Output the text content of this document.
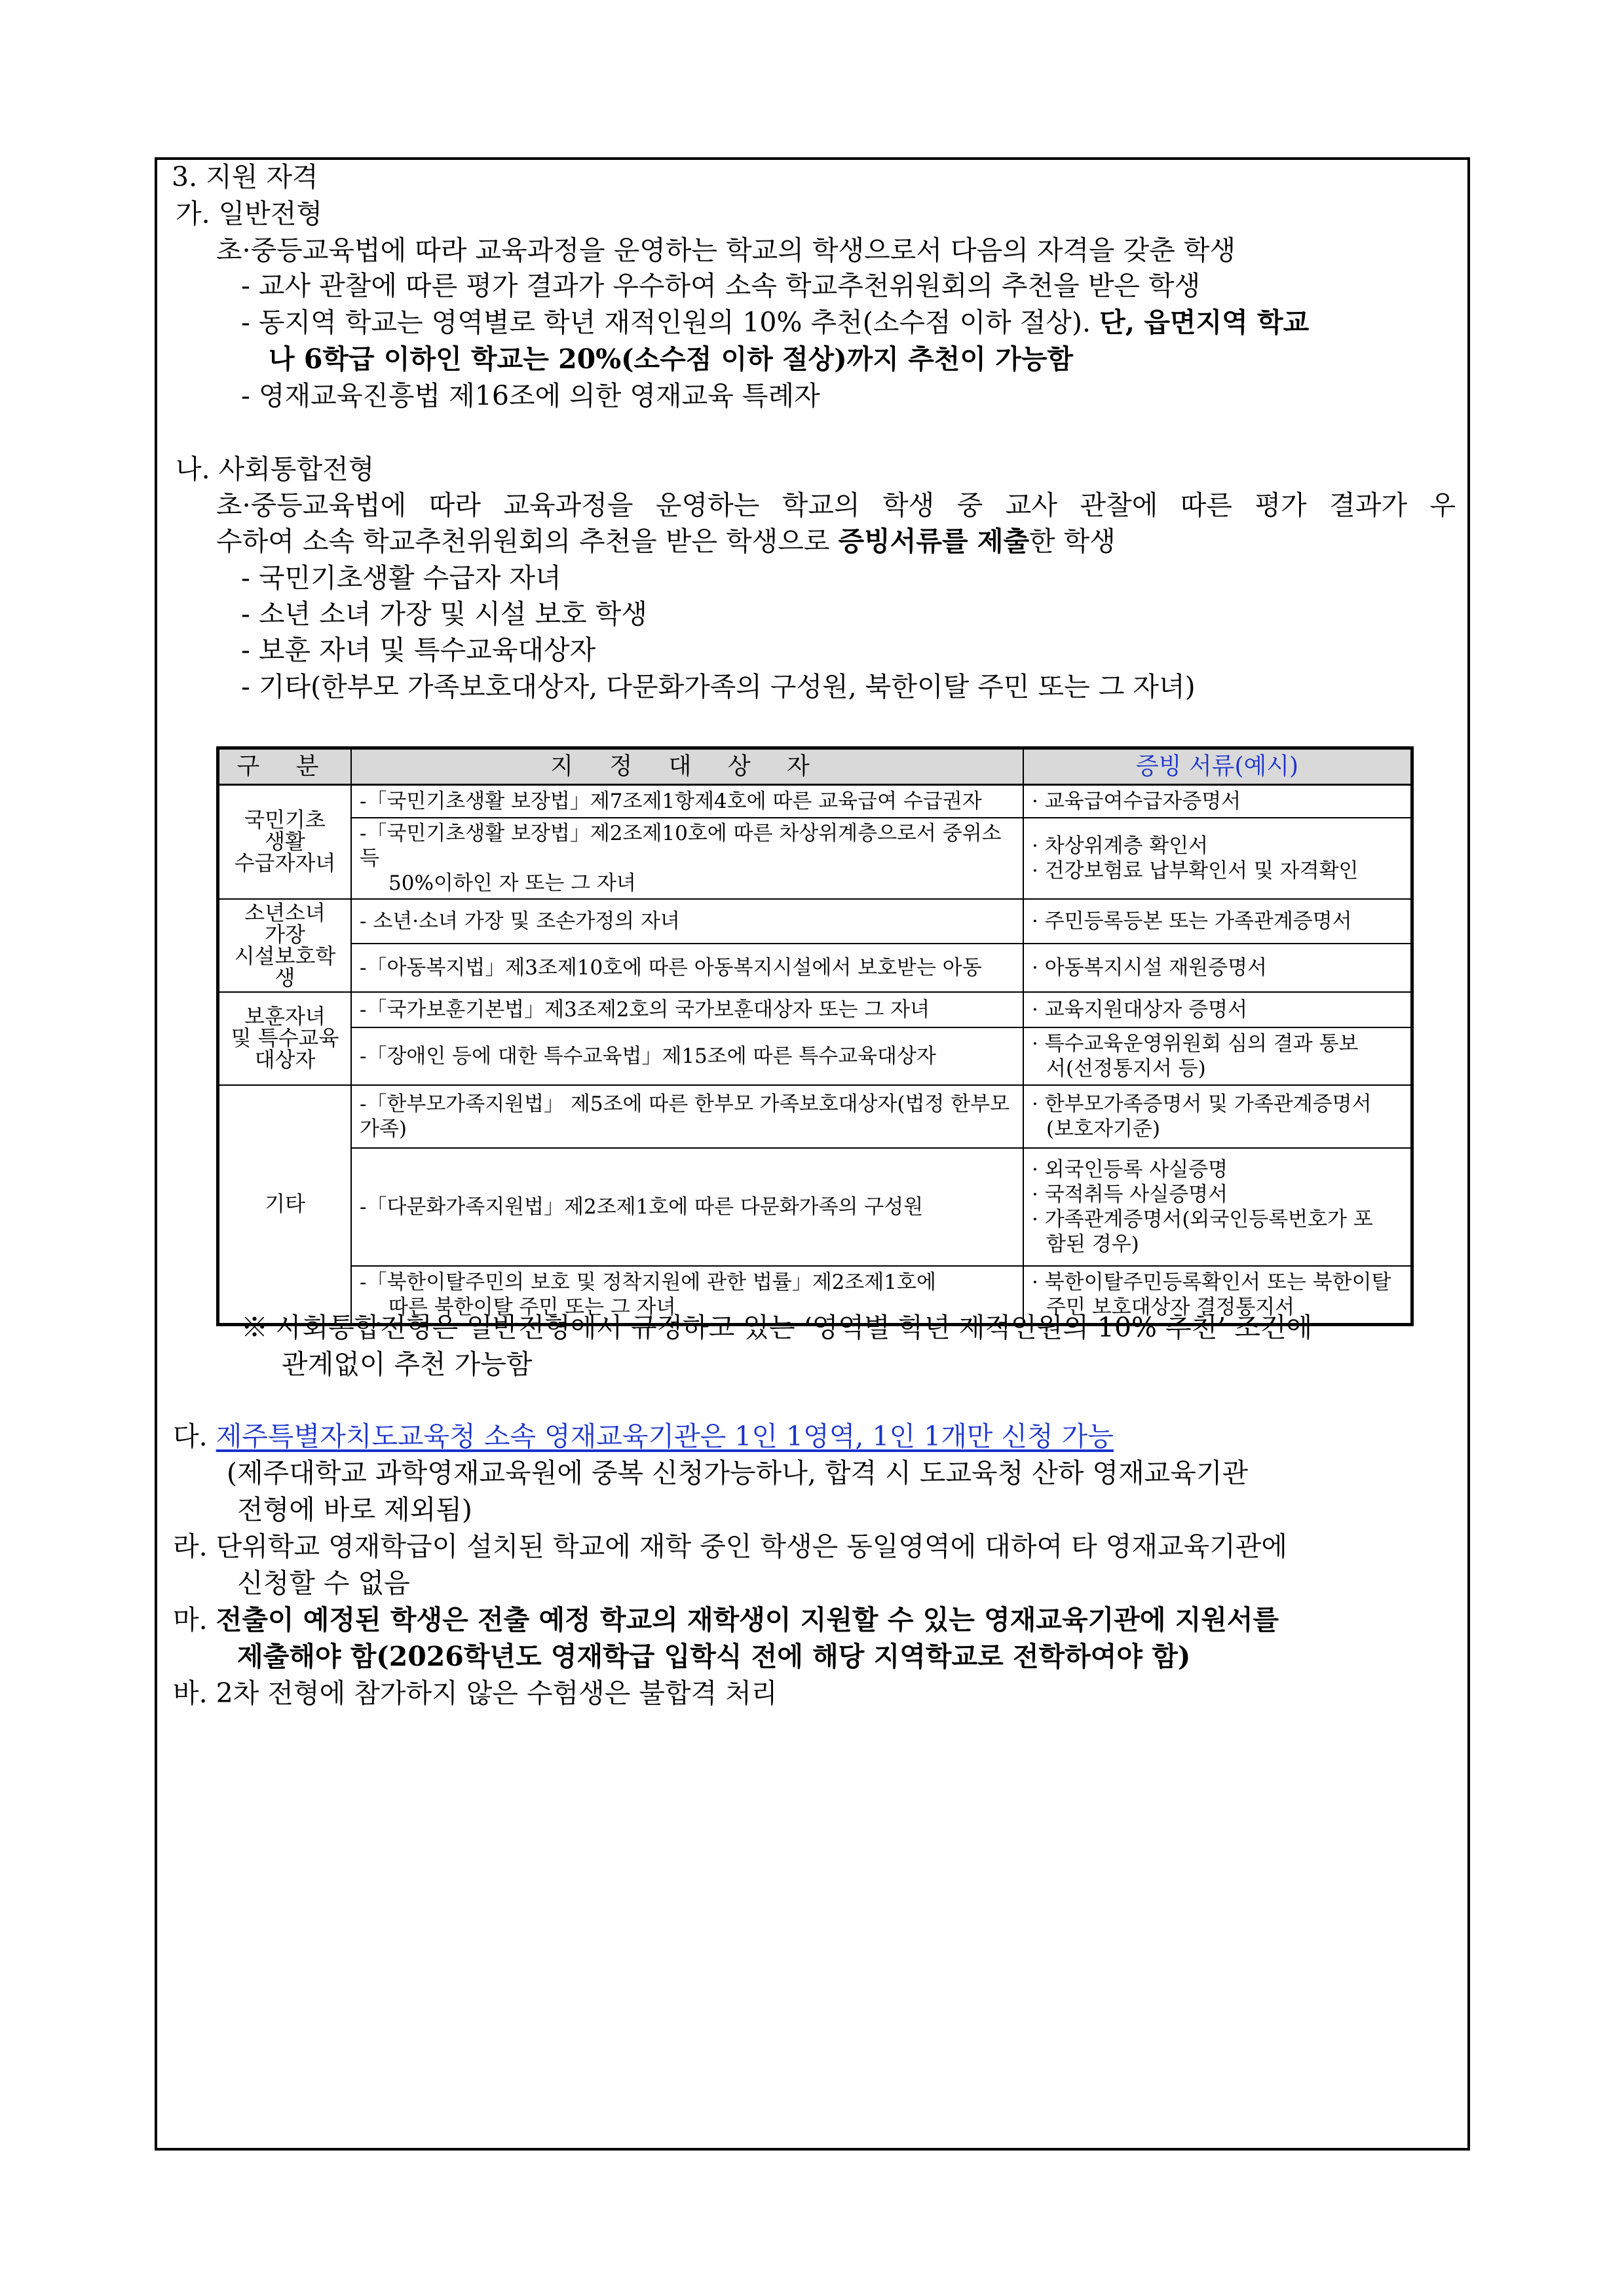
3. 지원 자격
가. 일반전형
초·중등교육법에 따라 교육과정을 운영하는 학교의 학생으로서 다음의 자격을 갖춘 학생
- 교사 관찰에 따른 평가 결과가 우수하여 소속 학교추천위원회의 추천을 받은 학생
- 동지역 학교는 영역별로 학년 재적인원의 10% 추천(소수점 이하 절상). 단, 읍면지역 학교
나 6학급 이하인 학교는 20%(소수점 이하 절상)까지 추천이 가능함
- 영재교육진흥법 제16조에 의한 영재교육 특례자
나. 사회통합전형
초·중등교육법에 따라 교육과정을 운영하는 학교의 학생 중 교사 관찰에 따른 평가 결과가 우
수하여 소속 학교추천위원회의 추천을 받은 학생으로 증빙서류를 제출한 학생
- 국민기초생활 수급자 자녀
- 소년 소녀 가장 및 시설 보호 학생
- 보훈 자녀 및 특수교육대상자
- 기타(한부모 가족보호대상자, 다문화가족의 구성원, 북한이탈 주민 또는 그 자녀)
구 분	지 정 대 상 자	증빙 서류(예시)

국민기초
생활
수급자자녀	-「국민기초생활 보장법」제7조제1항제4호에 따른 교육급여 수급권자	· 교육급여수급자증명서

	-「국민기초생활 보장법」제2조제10호에 따른 차상위계층으로서 중위소득
50%이하인 자 또는 그 자녀	· 차상위계층 확인서
· 건강보험료 납부확인서 및 자격확인

소년소녀
가장
시설보호학생	- 소년·소녀 가장 및 조손가정의 자녀	· 주민등록등본 또는 가족관계증명서
	-「아동복지법」제3조제10호에 따른 아동복지시설에서 보호받는 아동	· 아동복지시설 재원증명서

보훈자녀
및 특수교육
대상자	-「국가보훈기본법」제3조제2호의 국가보훈대상자 또는 그 자녀	· 교육지원대상자 증명서
	-「장애인 등에 대한 특수교육법」제15조에 따른 특수교육대상자	· 특수교육운영위원회 심의 결과 통보
서(선정통지서 등)

기타	-「한부모가족지원법」 제5조에 따른 한부모 가족보호대상자(법정 한부모가족)	· 한부모가족증명서 및 가족관계증명서
(보호자기준)

	-「다문화가족지원법」제2조제1호에 따른 다문화가족의 구성원	· 외국인등록 사실증명
· 국적취득 사실증명서
· 가족관계증명서(외국인등록번호가 포
함된 경우)

	-「북한이탈주민의 보호 및 정착지원에 관한 법률」제2조제1호에
따른 북한이탈 주민 또는 그 자녀	· 북한이탈주민등록확인서 또는 북한이탈
주민 보호대상자 결정통지서
※ 사회통합전형은 일반전형에서 규정하고 있는 ‘영역별 학년 재적인원의 10% 추천’ 조건에
관계없이 추천 가능함
다. 제주특별자치도교육청 소속 영재교육기관은 1인 1영역, 1인 1개만 신청 가능
(제주대학교 과학영재교육원에 중복 신청가능하나, 합격 시 도교육청 산하 영재교육기관
전형에 바로 제외됨)
라. 단위학교 영재학급이 설치된 학교에 재학 중인 학생은 동일영역에 대하여 타 영재교육기관에
신청할 수 없음
마. 전출이 예정된 학생은 전출 예정 학교의 재학생이 지원할 수 있는 영재교육기관에 지원서를
제출해야 함(2026학년도 영재학급 입학식 전에 해당 지역학교로 전학하여야 함)
바. 2차 전형에 참가하지 않은 수험생은 불합격 처리
